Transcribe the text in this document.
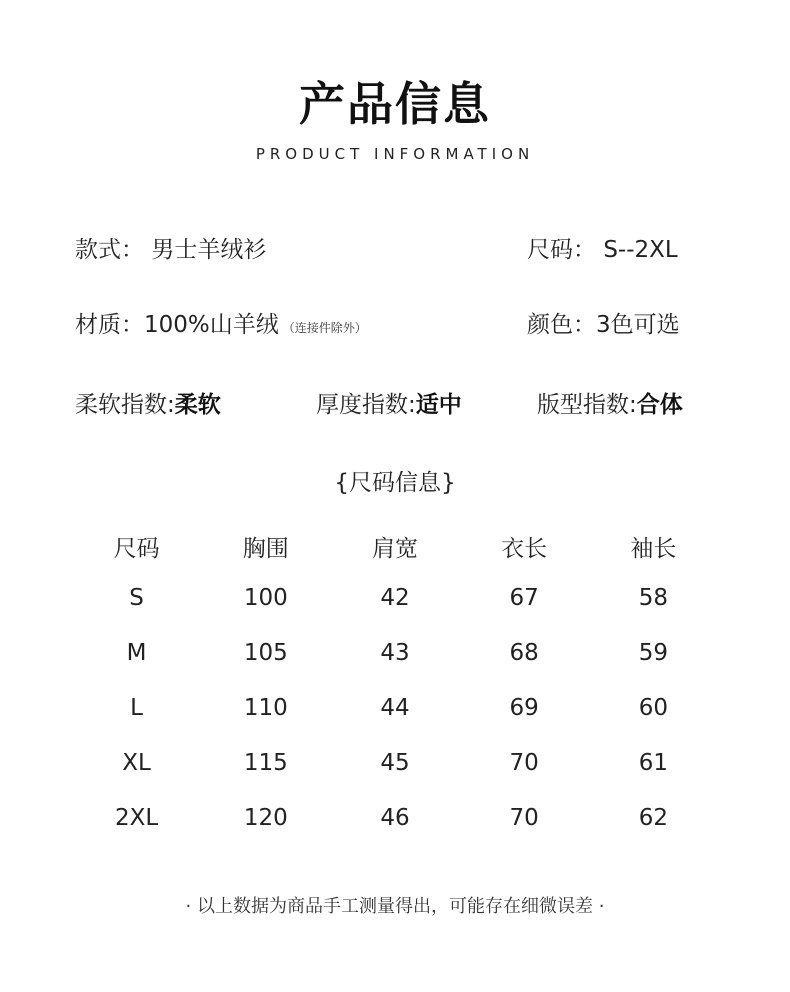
产品信息
PRODUCT INFORMATION
款式： 男士羊绒衫	尺码： S--2XL
材质：100%山羊绒 （连接件除外）	颜色：3色可选
柔软指数:柔软	厚度指数:适中	版型指数:合体
{尺码信息}
尺码	胸围	肩宽	衣长	袖长
S	100	42	67	58
M	105	43	68	59
L	110	44	69	60
XL	115	45	70	61
2XL	120	46	70	62
· 以上数据为商品手工测量得出，可能存在细微误差 ·
